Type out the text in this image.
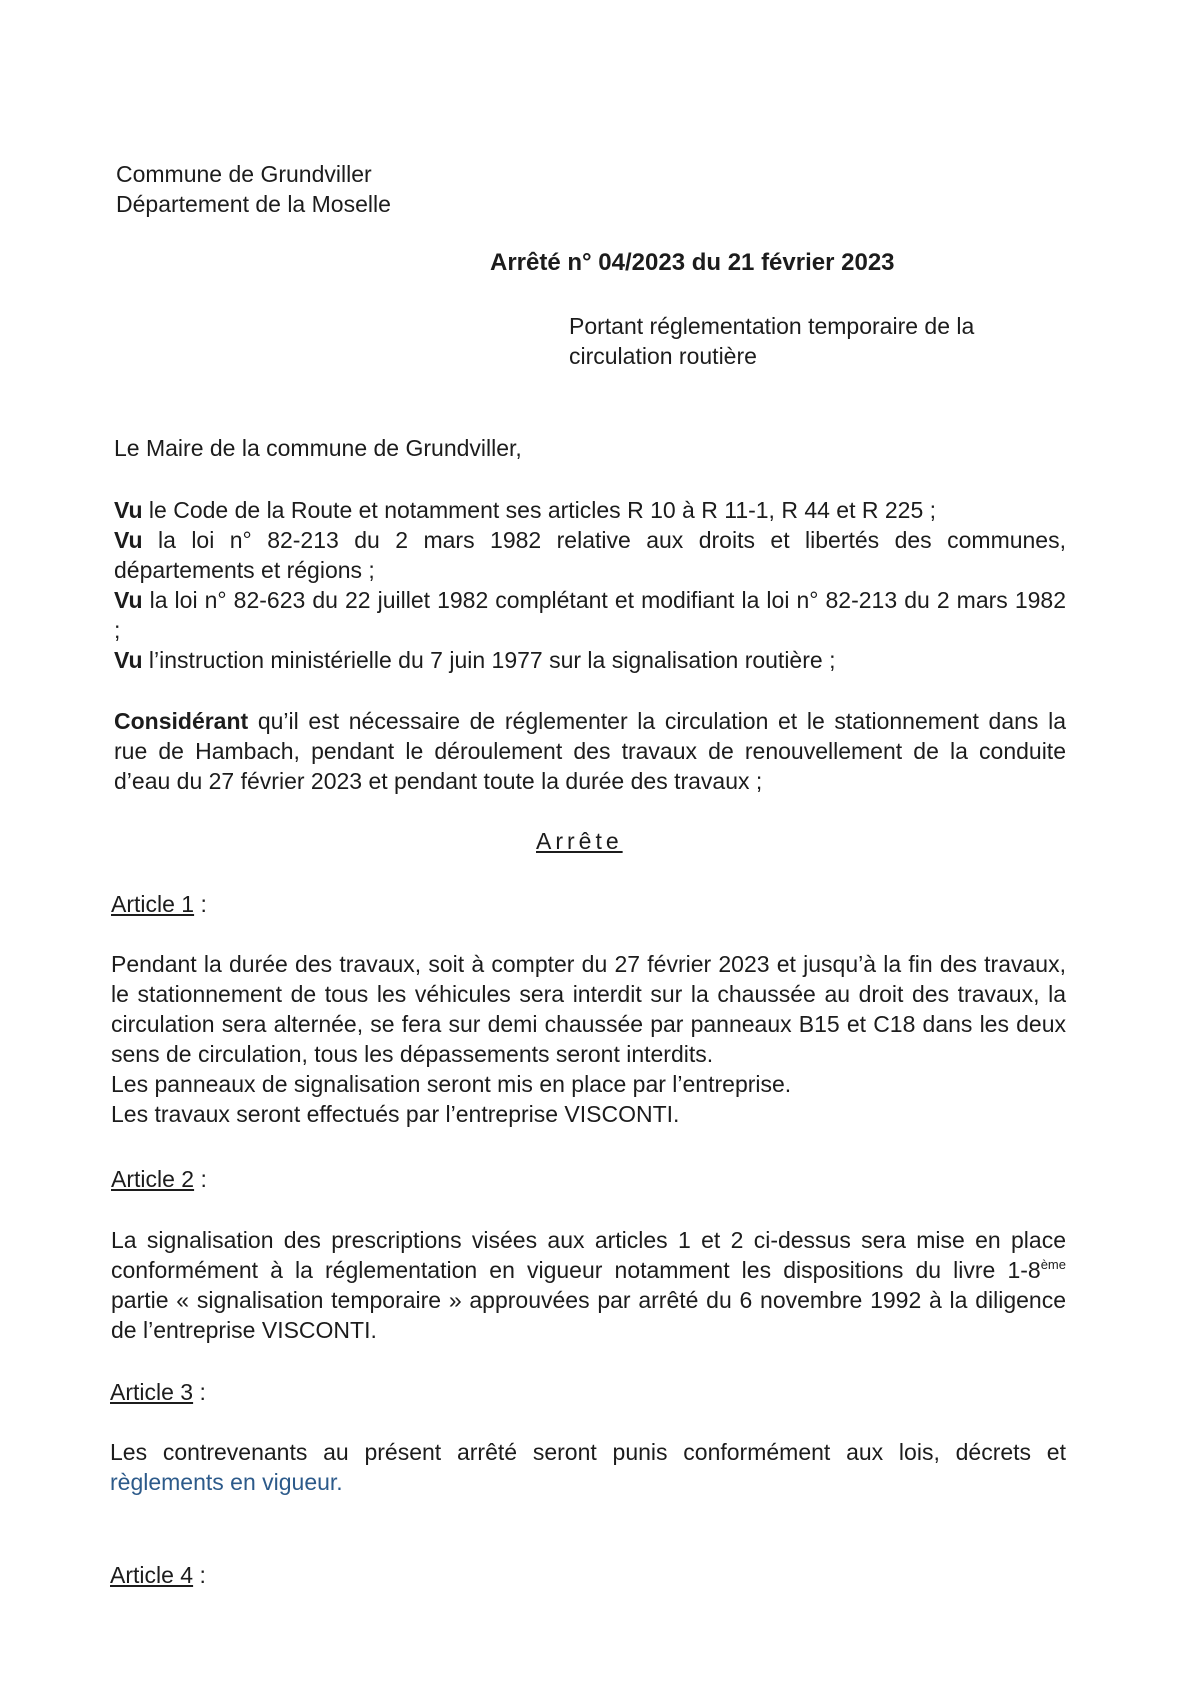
Commune de Grundviller

Département de la Moselle

Arrêté n° 04/2023 du 21 février 2023

Portant réglementation temporaire de la

circulation routière

Le Maire de la commune de Grundviller,

Vu le Code de la Route et notamment ses articles R 10 à R 11-1, R 44 et R 225 ;

Vu la loi n° 82-213 du 2 mars 1982 relative aux droits et libertés des communes, départements et régions ;

Vu la loi n° 82-623 du 22 juillet 1982 complétant et modifiant la loi n° 82-213 du 2 mars 1982 ;

Vu l’instruction ministérielle du 7 juin 1977 sur la signalisation routière ;

Considérant qu’il est nécessaire de réglementer la circulation et le stationnement dans la rue de Hambach, pendant le déroulement des travaux de renouvellement de la conduite d’eau du 27 février 2023 et pendant toute la durée des travaux ;
Arrête
Article 1 :

Pendant la durée des travaux, soit à compter du 27 février 2023 et jusqu’à la fin des travaux, le stationnement de tous les véhicules sera interdit sur la chaussée au droit des travaux, la circulation sera alternée, se fera sur demi chaussée par panneaux B15 et C18 dans les deux sens de circulation, tous les dépassements seront interdits.

Les panneaux de signalisation seront mis en place par l’entreprise.

Les travaux seront effectués par l’entreprise VISCONTI.

Article 2 :
La signalisation des prescriptions visées aux articles 1 et 2 ci-dessus sera mise en place conformément à la réglementation en vigueur notamment les dispositions du livre 1-8ème partie « signalisation temporaire » approuvées par arrêté du 6 novembre 1992 à la diligence de l’entreprise VISCONTI.
Article 3 :
Les contrevenants au présent arrêté seront punis conformément aux lois, décrets et règlements en vigueur.
Article 4 :
